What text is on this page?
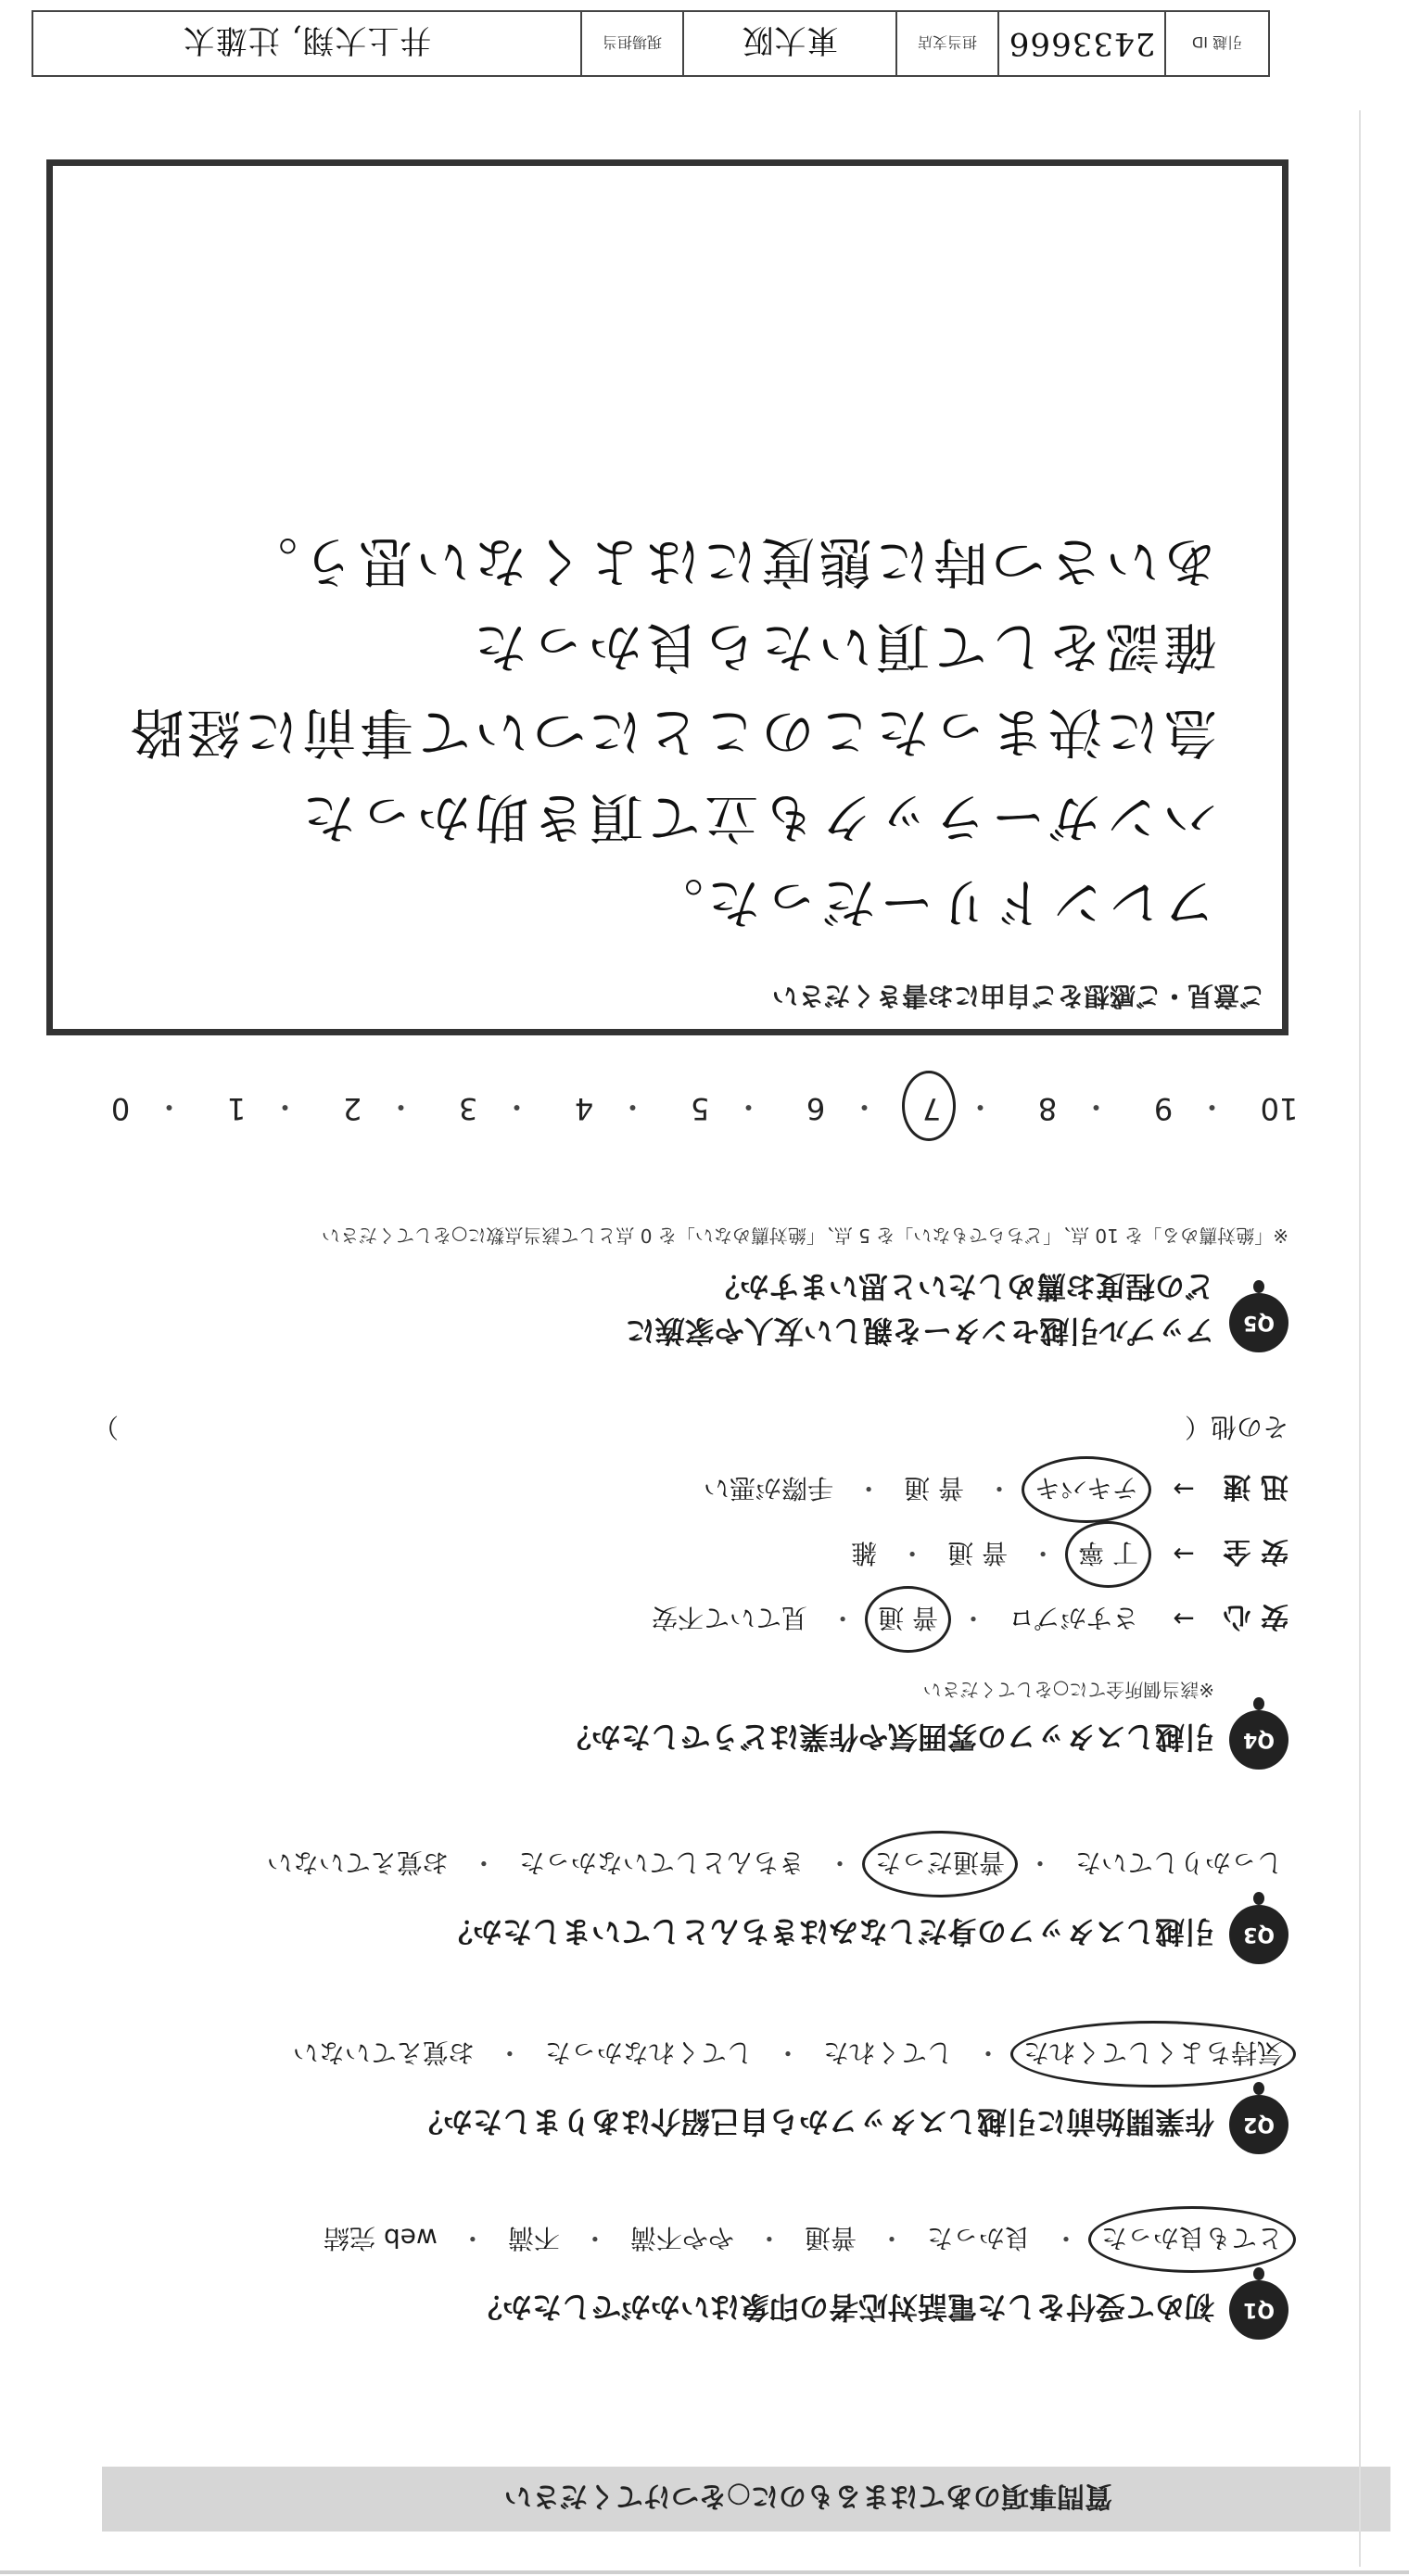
引越 ID
2433666
担当支店
東大阪
現場担当
井上大翔, 辻雄太
ご意見・ご感想をご自由にお書きください
フレンドリーだった。
ハンガーラックも立て頂き助かった
急に決まったこのことについて事前に経路
確認をして頂いたら良かった
あいさつ時に態度にはよくない思う。
10
・
9
・
8
・
7
・
6
・
5
・
4
・
3
・
2
・
1
・
0
Q5
アップル引越センターを親しい友人や家族に
どの程度お薦めしたいと思いますか？
※「絶対薦める」を 10 点、「どちらでもない」を 5 点、「絶対薦めない」を 0 点として該当点数に○をしてください
Q4
引越しスタッフの雰囲気や作業はどうでしたか？
※該当個所全てに○をしてください
安 心
→
さすがプロ
・
普 通
・
見ていて不安
安 全
→
丁 寧
・
普 通
・
雑
迅 速
→
テキパキ
・
普 通
・
手際が悪い
その他（
）
Q3
引越しスタッフの身だしなみはきちんとしていましたか？
しっかりしていた
・
普通だった
・
きちんとしていなかった
・
お覚えていない
Q2
作業開始前に引越しスタッフから自己紹介はありましたか？
気持ちよくしてくれた
・
してくれた
・
してくれなかった
・
お覚えていない
Q1
初めて受付をした電話対応者の印象はいかがでしたか？
とても良かった
・
良かった
・
普通
・
やや不満
・
不満
・
web 完結
質問事項のあてはまるものに○をつけてください
